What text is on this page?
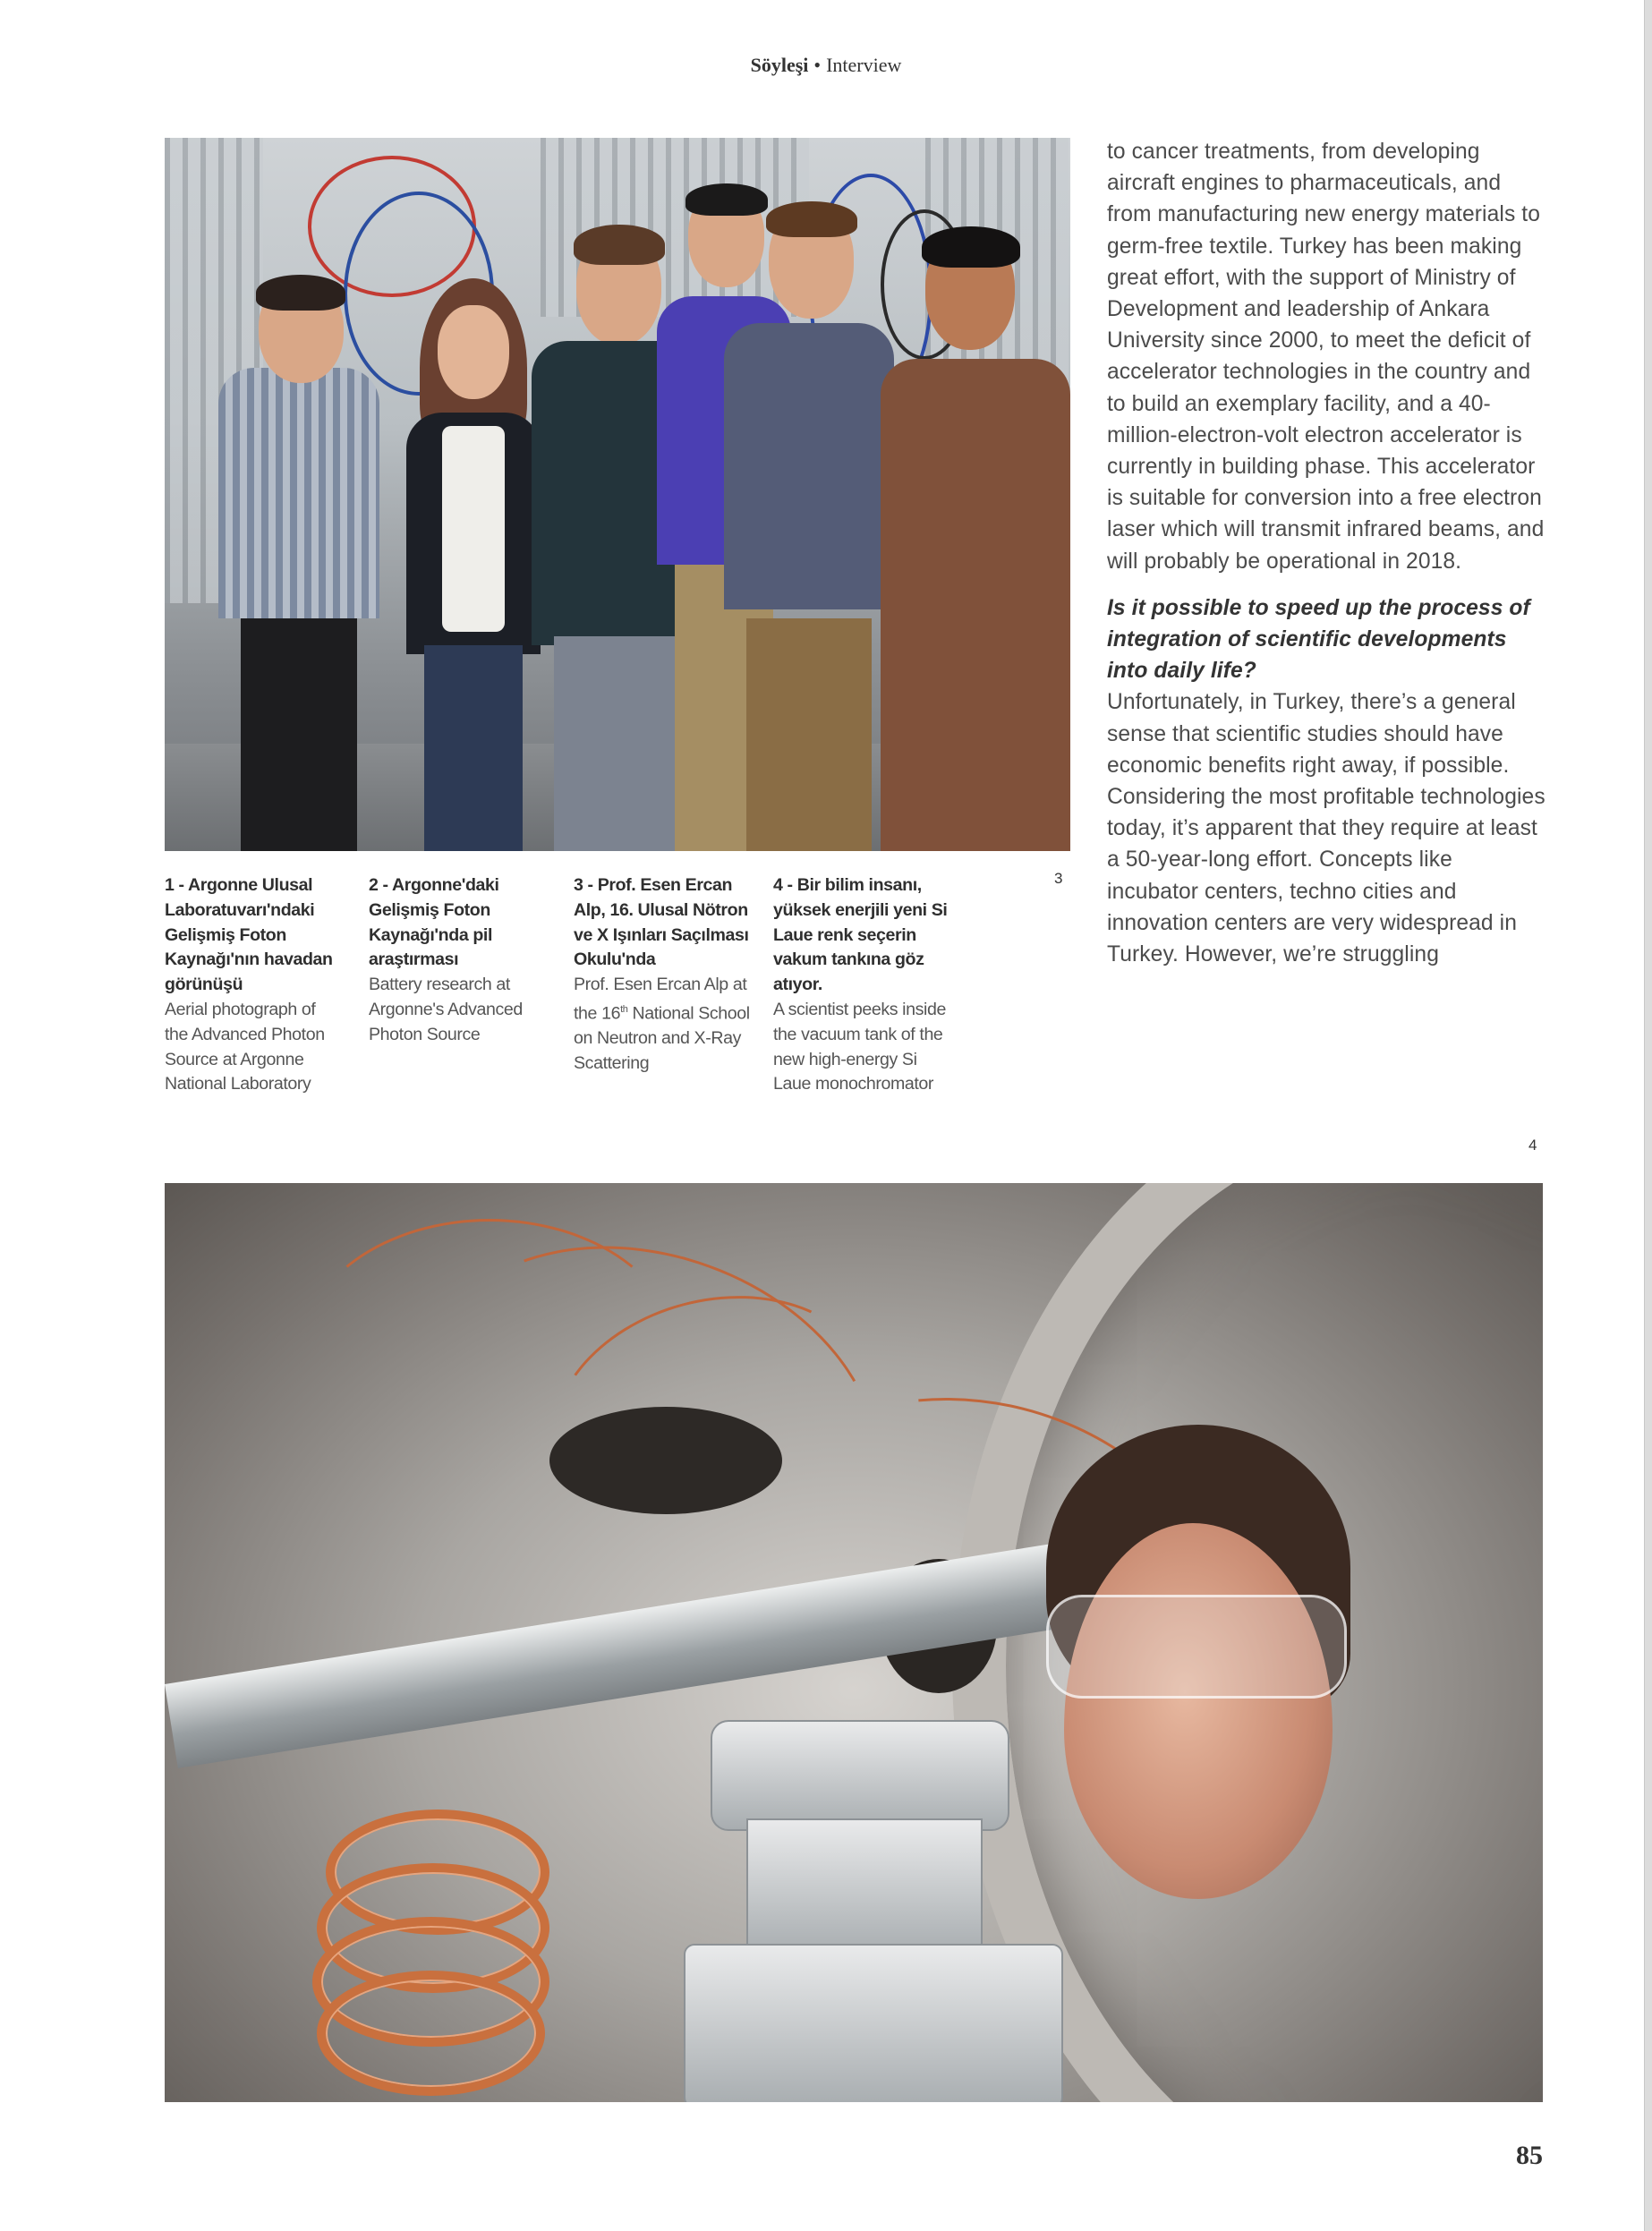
Söyleşi • Interview
3
1 - Argonne Ulusal Laboratuvarı'ndaki Gelişmiş Foton Kaynağı'nın havadan görünüşü
Aerial photograph of the Advanced Photon Source at Argonne National Laboratory
2 - Argonne'daki Gelişmiş Foton Kaynağı'nda pil araştırması
Battery research at Argonne's Advanced Photon Source
3 - Prof. Esen Ercan Alp, 16. Ulusal Nötron ve X Işınları Saçılması Okulu'nda
Prof. Esen Ercan Alp at the 16th National School on Neutron and X-Ray Scattering
4 - Bir bilim insanı, yüksek enerjili yeni Si Laue renk seçerin vakum tankına göz atıyor.
A scientist peeks inside the vacuum tank of the new high-energy Si Laue monochromator

to cancer treatments, from developing aircraft engines to pharmaceuticals, and from manufacturing new energy materials to germ-free textile. Turkey has been making great effort, with the support of Ministry of Development and leadership of Ankara University since 2000, to meet the deficit of accelerator technologies in the country and to build an exemplary facility, and a 40-million-electron-volt electron accelerator is currently in building phase. This accelerator is suitable for conversion into a free electron laser which will transmit infrared beams, and will probably be operational in 2018.

Is it possible to speed up the process of integration of scientific developments into daily life?

Unfortunately, in Turkey, there’s a general sense that scientific studies should have economic benefits right away, if possible. Considering the most profitable technologies today, it’s apparent that they require at least a 50-year-long effort. Concepts like incubator centers, techno cities and innovation centers are very widespread in Turkey. However, we’re struggling

4
85
